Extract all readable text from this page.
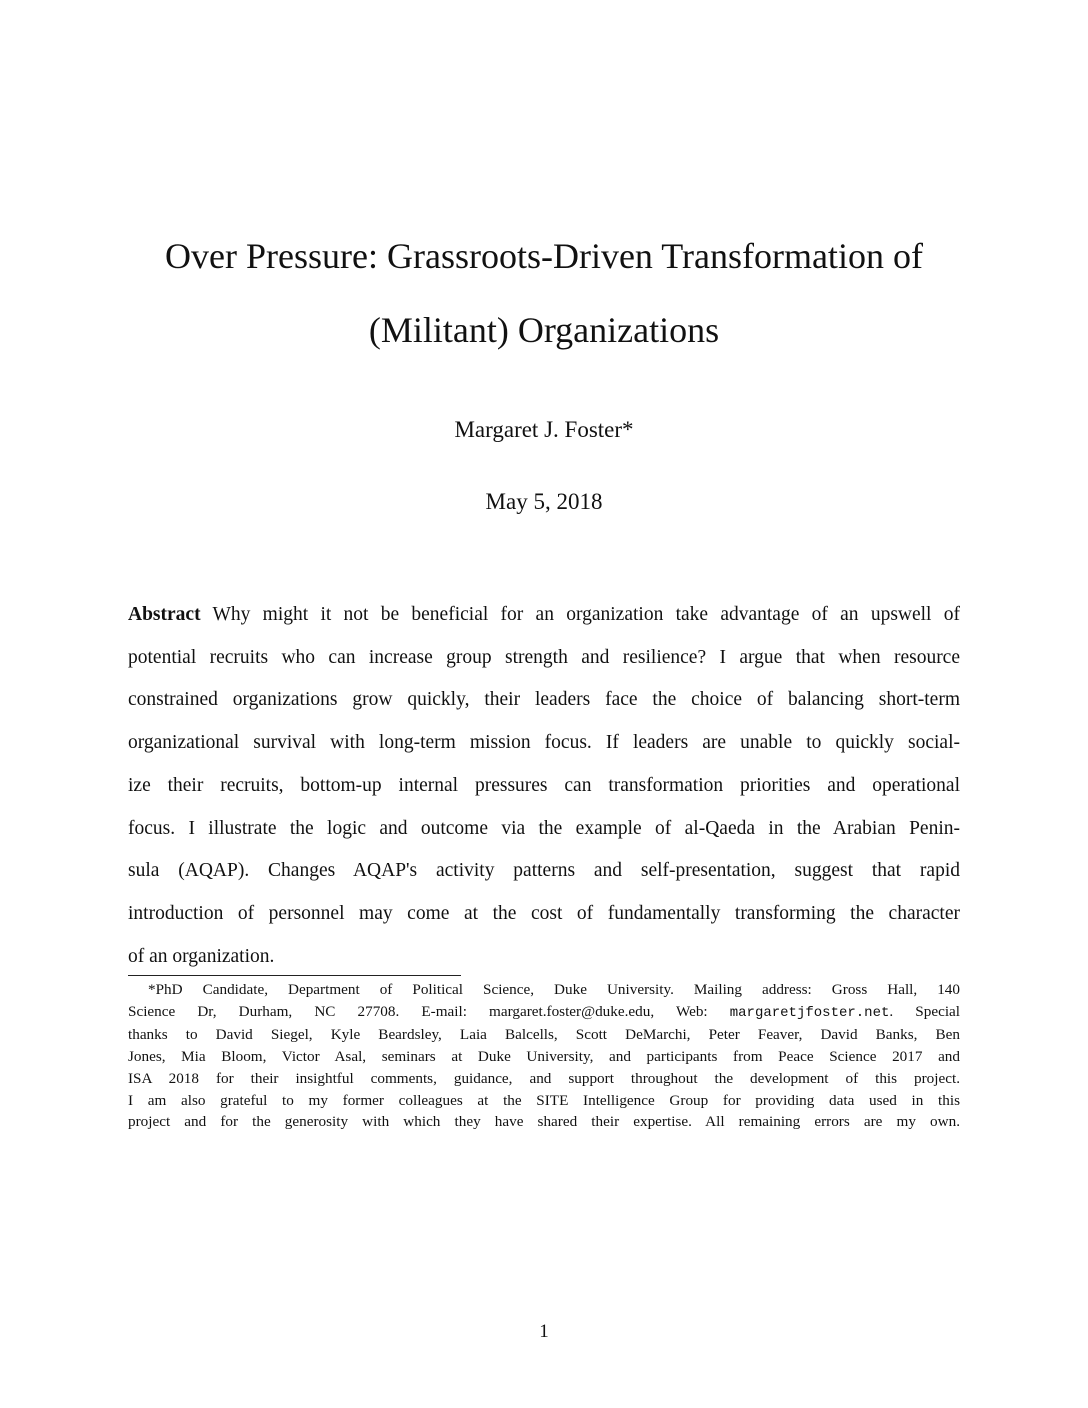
Over Pressure: Grassroots-Driven Transformation of
(Militant) Organizations
Margaret J. Foster*
May 5, 2018
Abstract Why might it not be beneficial for an organization take advantage of an upswell of
potential recruits who can increase group strength and resilience? I argue that when resource
constrained organizations grow quickly, their leaders face the choice of balancing short-term
organizational survival with long-term mission focus. If leaders are unable to quickly social-
ize their recruits, bottom-up internal pressures can transformation priorities and operational
focus. I illustrate the logic and outcome via the example of al-Qaeda in the Arabian Penin-
sula (AQAP). Changes AQAP's activity patterns and self-presentation, suggest that rapid
introduction of personnel may come at the cost of fundamentally transforming the character
of an organization.
*PhD Candidate, Department of Political Science, Duke University. Mailing address: Gross Hall, 140
Science Dr, Durham, NC 27708. E-mail: margaret.foster@duke.edu, Web: margaretjfoster.net. Special
thanks to David Siegel, Kyle Beardsley, Laia Balcells, Scott DeMarchi, Peter Feaver, David Banks, Ben
Jones, Mia Bloom, Victor Asal, seminars at Duke University, and participants from Peace Science 2017 and
ISA 2018 for their insightful comments, guidance, and support throughout the development of this project.
I am also grateful to my former colleagues at the SITE Intelligence Group for providing data used in this
project and for the generosity with which they have shared their expertise. All remaining errors are my own.
1
